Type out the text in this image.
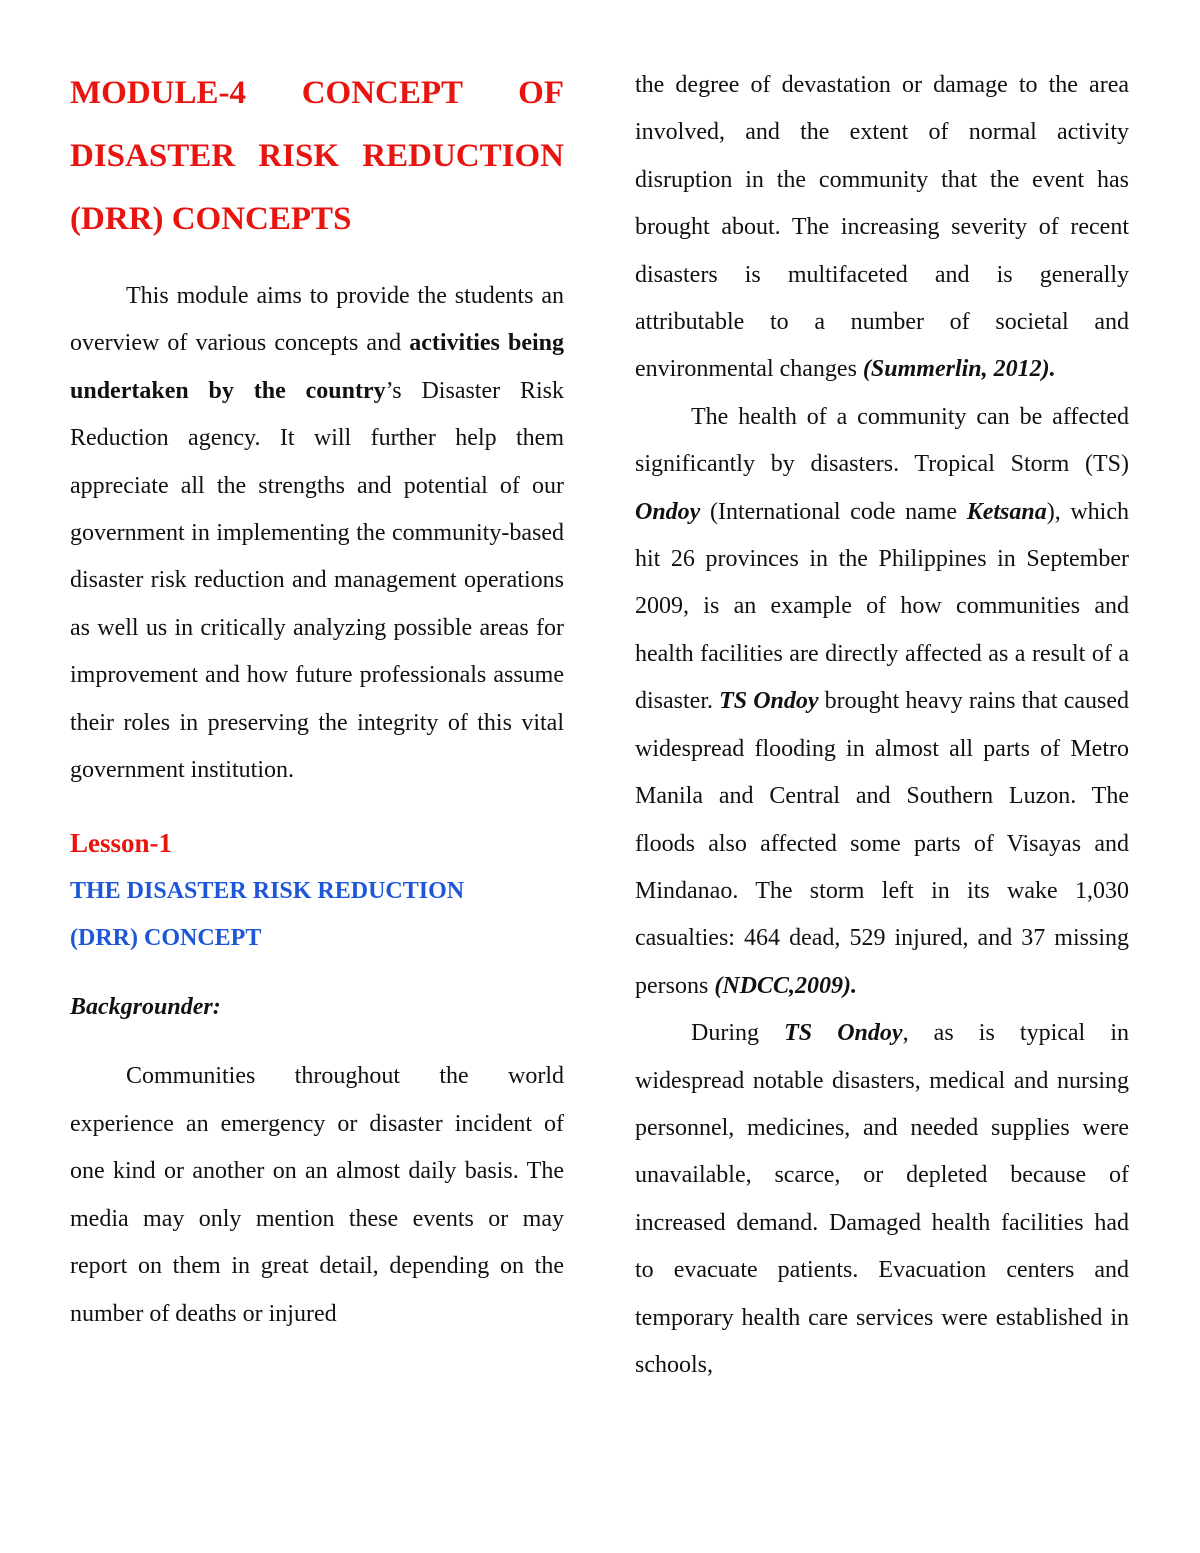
MODULE-4 CONCEPT OF
DISASTER RISK REDUCTION
(DRR) CONCEPTS

This module aims to provide the students an overview of various concepts and activities being undertaken by the country’s Disaster Risk Reduction agency. It will further help them appreciate all the strengths and potential of our government in implementing the community-based disaster risk reduction and management operations as well us in critically analyzing possible areas for improvement and how future professionals assume their roles in preserving the integrity of this vital government institution.

Lesson-1
THE DISASTER RISK REDUCTION
(DRR) CONCEPT
Backgrounder:

Communities throughout the world experience an emergency or disaster incident of one kind or another on an almost daily basis. The media may only mention these events or may report on them in great detail, depending on the number of deaths or injured

the degree of devastation or damage to the area involved, and the extent of normal activity disruption in the community that the event has brought about. The increasing severity of recent disasters is multifaceted and is generally attributable to a number of societal and environmental changes (Summerlin, 2012).

The health of a community can be affected significantly by disasters. Tropical Storm (TS) Ondoy (International code name Ketsana), which hit 26 provinces in the Philippines in September 2009, is an example of how communities and health facilities are directly affected as a result of a disaster. TS Ondoy brought heavy rains that caused widespread flooding in almost all parts of Metro Manila and Central and Southern Luzon. The floods also affected some parts of Visayas and Mindanao. The storm left in its wake 1,030 casualties: 464 dead, 529 injured, and 37 missing persons (NDCC,2009).

During TS Ondoy, as is typical in widespread notable disasters, medical and nursing personnel, medicines, and needed supplies were unavailable, scarce, or depleted because of increased demand. Damaged health facilities had to evacuate patients. Evacuation centers and temporary health care services were established in schools,
